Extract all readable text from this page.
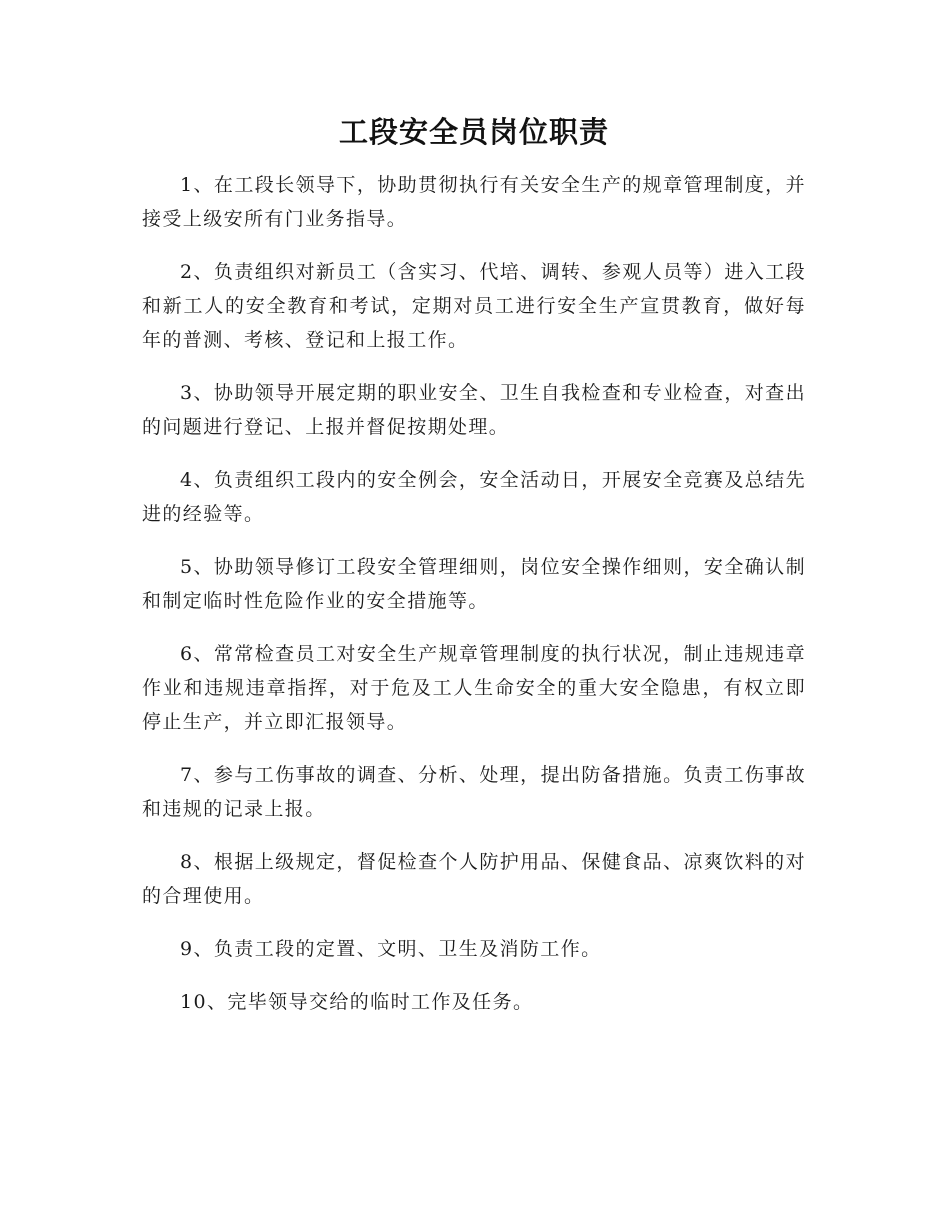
工段安全员岗位职责

1、在工段长领导下，协助贯彻执行有关安全生产的规章管理制度，并接受上级安所有门业务指导。

2、负责组织对新员工（含实习、代培、调转、参观人员等）进入工段和新工人的安全教育和考试，定期对员工进行安全生产宣贯教育，做好每年的普测、考核、登记和上报工作。

3、协助领导开展定期的职业安全、卫生自我检查和专业检查，对查出的问题进行登记、上报并督促按期处理。

4、负责组织工段内的安全例会，安全活动日，开展安全竞赛及总结先进的经验等。

5、协助领导修订工段安全管理细则，岗位安全操作细则，安全确认制和制定临时性危险作业的安全措施等。

6、常常检查员工对安全生产规章管理制度的执行状况，制止违规违章作业和违规违章指挥，对于危及工人生命安全的重大安全隐患，有权立即停止生产，并立即汇报领导。

7、参与工伤事故的调查、分析、处理，提出防备措施。负责工伤事故和违规的记录上报。

8、根据上级规定，督促检查个人防护用品、保健食品、凉爽饮料的对的合理使用。

9、负责工段的定置、文明、卫生及消防工作。

10、完毕领导交给的临时工作及任务。
